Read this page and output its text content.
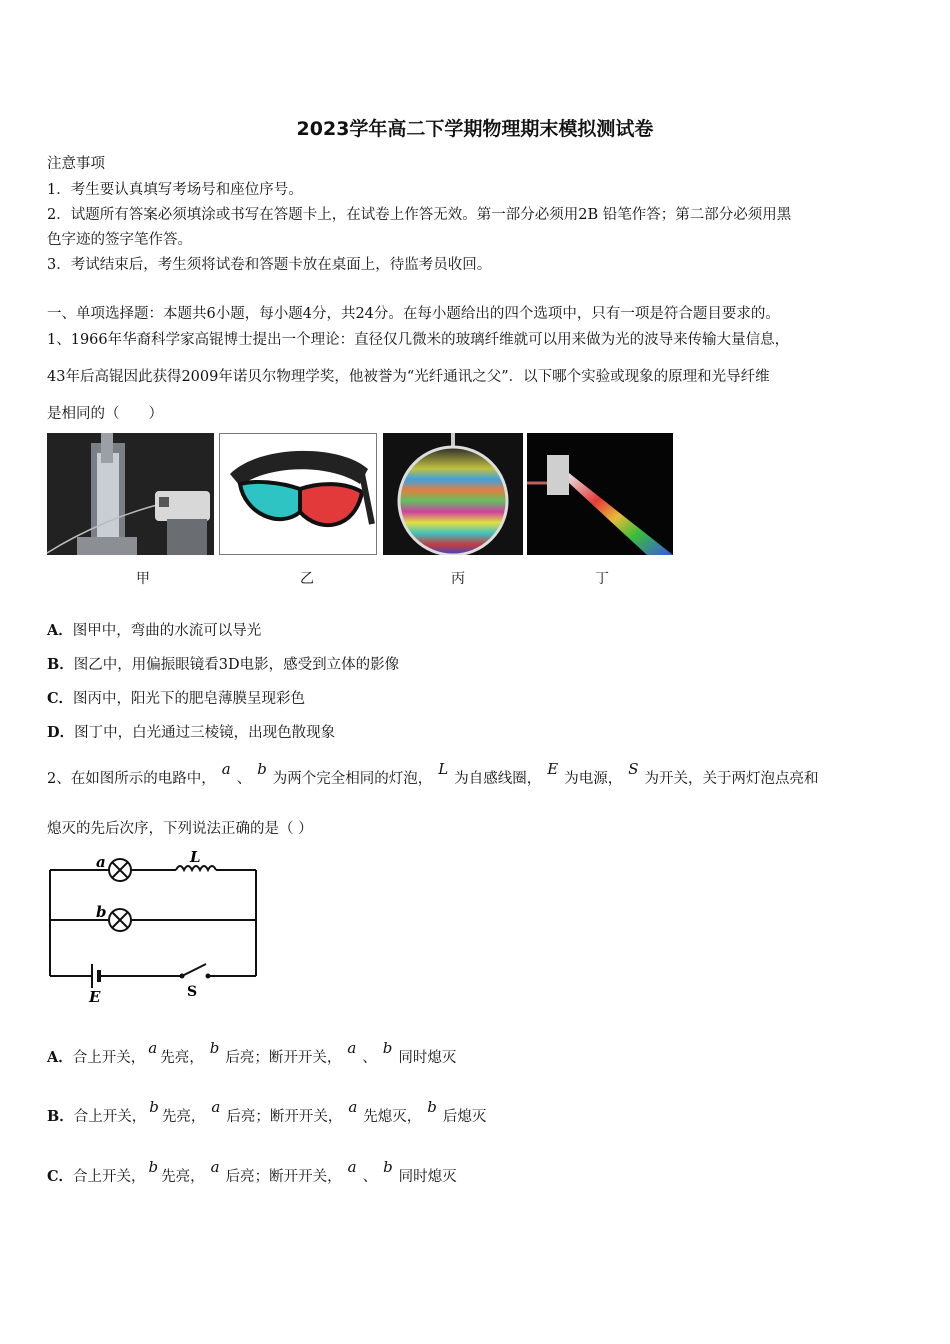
2023学年高二下学期物理期末模拟测试卷
注意事项
1．考生要认真填写考场号和座位序号。
2．试题所有答案必须填涂或书写在答题卡上，在试卷上作答无效。第一部分必须用2B 铅笔作答；第二部分必须用黑
色字迹的签字笔作答。
3．考试结束后，考生须将试卷和答题卡放在桌面上，待监考员收回。
一、单项选择题：本题共6小题，每小题4分，共24分。在每小题给出的四个选项中，只有一项是符合题目要求的。
1、1966年华裔科学家高锟博士提出一个理论：直径仅几微米的玻璃纤维就可以用来做为光的波导来传输大量信息，
43年后高锟因此获得2009年诺贝尔物理学奖，他被誉为“光纤通讯之父”．以下哪个实验或现象的原理和光导纤维
是相同的（　　）
甲	乙	丙	丁
A．图甲中，弯曲的水流可以导光
B．图乙中，用偏振眼镜看3D电影，感受到立体的影像
C．图丙中，阳光下的肥皂薄膜呈现彩色
D．图丁中，白光通过三棱镜，出现色散现象
2、在如图所示的电路中，a、b为两个完全相同的灯泡，L为自感线圈，E为电源，S为开关，关于两灯泡点亮和
熄灭的先后次序，下列说法正确的是（ ）
a
b
L
E	S
A．合上开关，a先亮，b后亮；断开开关，a、b同时熄灭
B．合上开关，b先亮，a后亮；断开开关，a先熄灭，b后熄灭
C．合上开关，b先亮，a后亮；断开开关，a、b同时熄灭
